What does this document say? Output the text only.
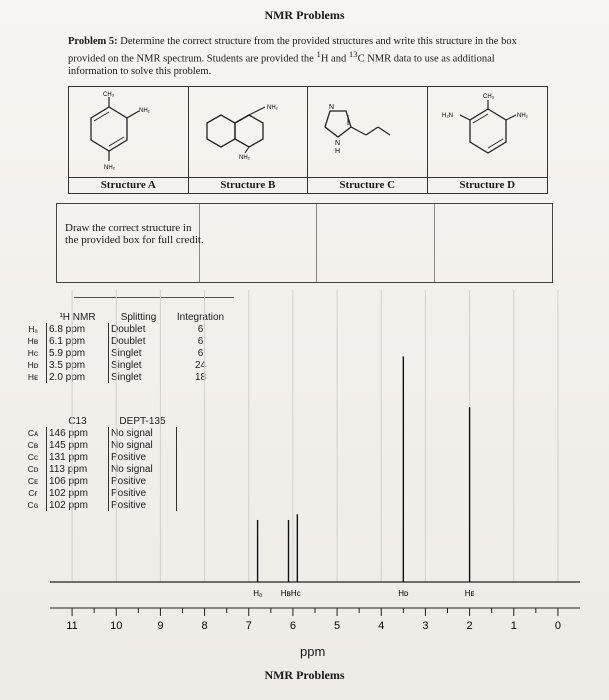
NMR Problems
Problem 5: Determine the correct structure from the provided structures and write this structure in the box provided on the NMR spectrum. Students are provided the $^1$H and $^{13}$C NMR data to use as additional information to solve this problem.
CH₃
NH₂
NH₂
Structure A
NH₂
NH₂
Structure B
N
N
H
Structure C
CH₃
H₂N	NH₂
Structure D
Draw the correct structure in the provided box for full credit.
	¹H NMR	Splitting	Integration
Hₐ	6.8 ppm	Doublet	6
Hʙ	6.1 ppm	Doublet	6
Hᴄ	5.9 ppm	Singlet	6
Hᴅ	3.5 ppm	Singlet	24
Hᴇ	2.0 ppm	Singlet	18
	C13	DEPT-135
Cᴀ	146 ppm	No signal
Cʙ	145 ppm	No signal
Cᴄ	131 ppm	Positive
Cᴅ	113 ppm	No signal
Cᴇ	106 ppm	Positive
Cғ	102 ppm	Positive
Cɢ	102 ppm	Positive
Hₐ HʙHᴄ	Hᴅ	Hᴇ
11	10	9	8	7	6	5	4	3	2	1	0
ppm
NMR Problems
